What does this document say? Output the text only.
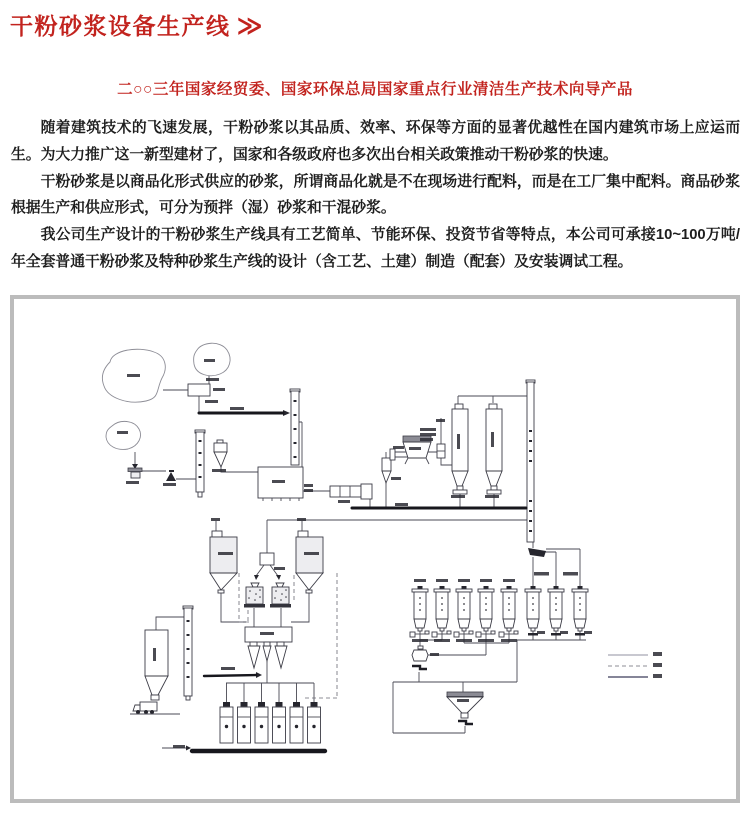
干粉砂浆设备生产线 ≫
二○○三年国家经贸委、国家环保总局国家重点行业清洁生产技术向导产品

随着建筑技术的飞速发展，干粉砂浆以其品质、效率、环保等方面的显著优越性在国内建筑市场上应运而生。为大力推广这一新型建材了，国家和各级政府也多次出台相关政策推动干粉砂浆的快速。

干粉砂浆是以商品化形式供应的砂浆，所谓商品化就是不在现场进行配料，而是在工厂集中配料。商品砂浆根据生产和供应形式，可分为预拌（湿）砂浆和干混砂浆。

我公司生产设计的干粉砂浆生产线具有工艺简单、节能环保、投资节省等特点，本公司可承接10~100万吨/年全套普通干粉砂浆及特种砂浆生产线的设计（含工艺、土建）制造（配套）及安装调试工程。
